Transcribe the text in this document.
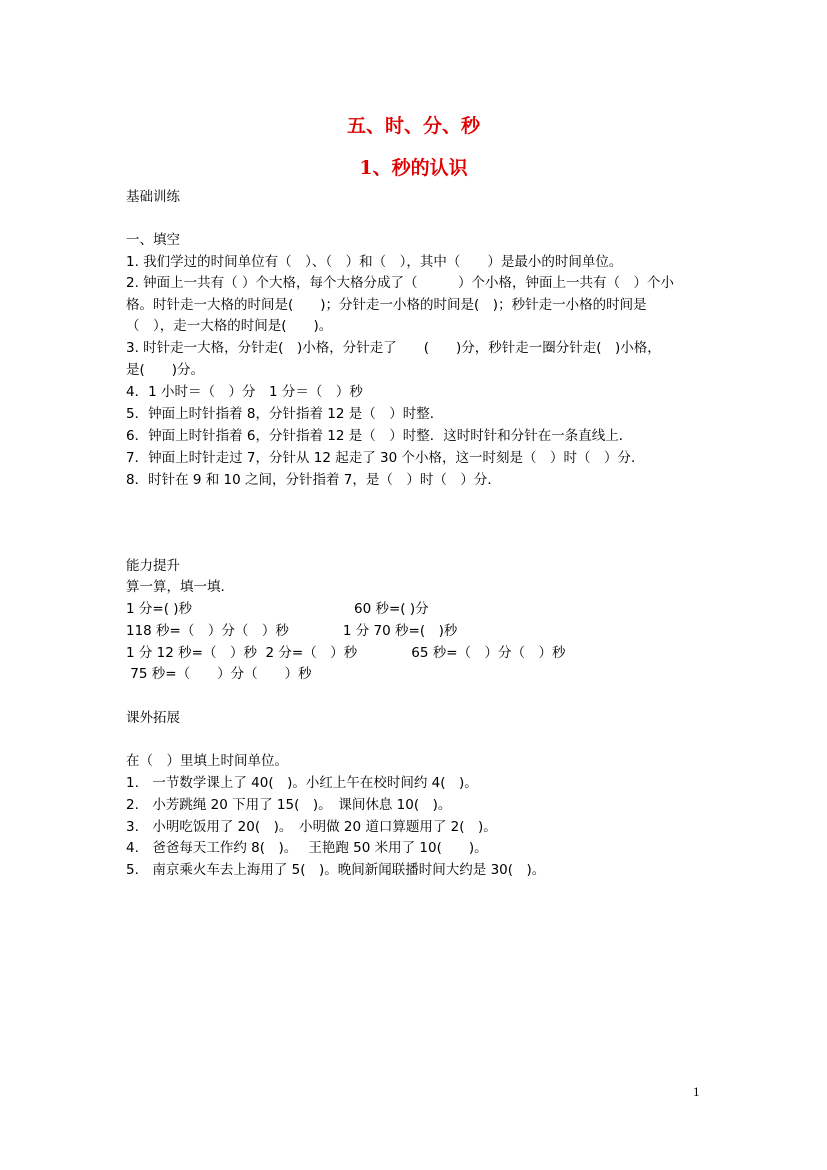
五、时、分、秒
1、秒的认识
基础训练
一、填空
1. 我们学过的时间单位有（　）、（　）和（　），其中（　　）是最小的时间单位。
2. 钟面上一共有（ ）个大格，每个大格分成了（　　　）个小格，钟面上一共有（　）个小
格。时针走一大格的时间是(　　)；分针走一小格的时间是(　)；秒针走一小格的时间是
（　），走一大格的时间是(　　)。
3. 时针走一大格，分针走(　)小格，分针走了　　(　　)分，秒针走一圈分针走(　)小格，
是(　　)分。
4．1 小时＝（　）分　1 分＝（　）秒
5．钟面上时针指着 8，分针指着 12 是（　）时整．
6．钟面上时针指着 6，分针指着 12 是（　）时整．这时时针和分针在一条直线上．
7．钟面上时针走过 7，分针从 12 起走了 30 个小格，这一时刻是（　）时（　）分．
8．时针在 9 和 10 之间，分针指着 7，是（　）时（　）分．
能力提升
算一算，填一填.
1 分=( )秒　　　　　　　　　　　　60 秒=( )分
118 秒=（　）分（　）秒　　　　1 分 70 秒=(　)秒
1 分 12 秒=（　）秒  2 分=（　）秒　　　　65 秒=（　）分（　）秒
75 秒=（　　）分（　　）秒
课外拓展
在（　）里填上时间单位。
1.　一节数学课上了 40(　)。小红上午在校时间约 4(　)。
2.　小芳跳绳 20 下用了 15(　)。　课间休息 10(　)。
3.　小明吃饭用了 20(　)。　小明做 20 道口算题用了 2(　)。
4.　爸爸每天工作约 8(　)。　 王艳跑 50 米用了 10(　　)。
5.　南京乘火车去上海用了 5(　)。晚间新闻联播时间大约是 30(　)。
1
